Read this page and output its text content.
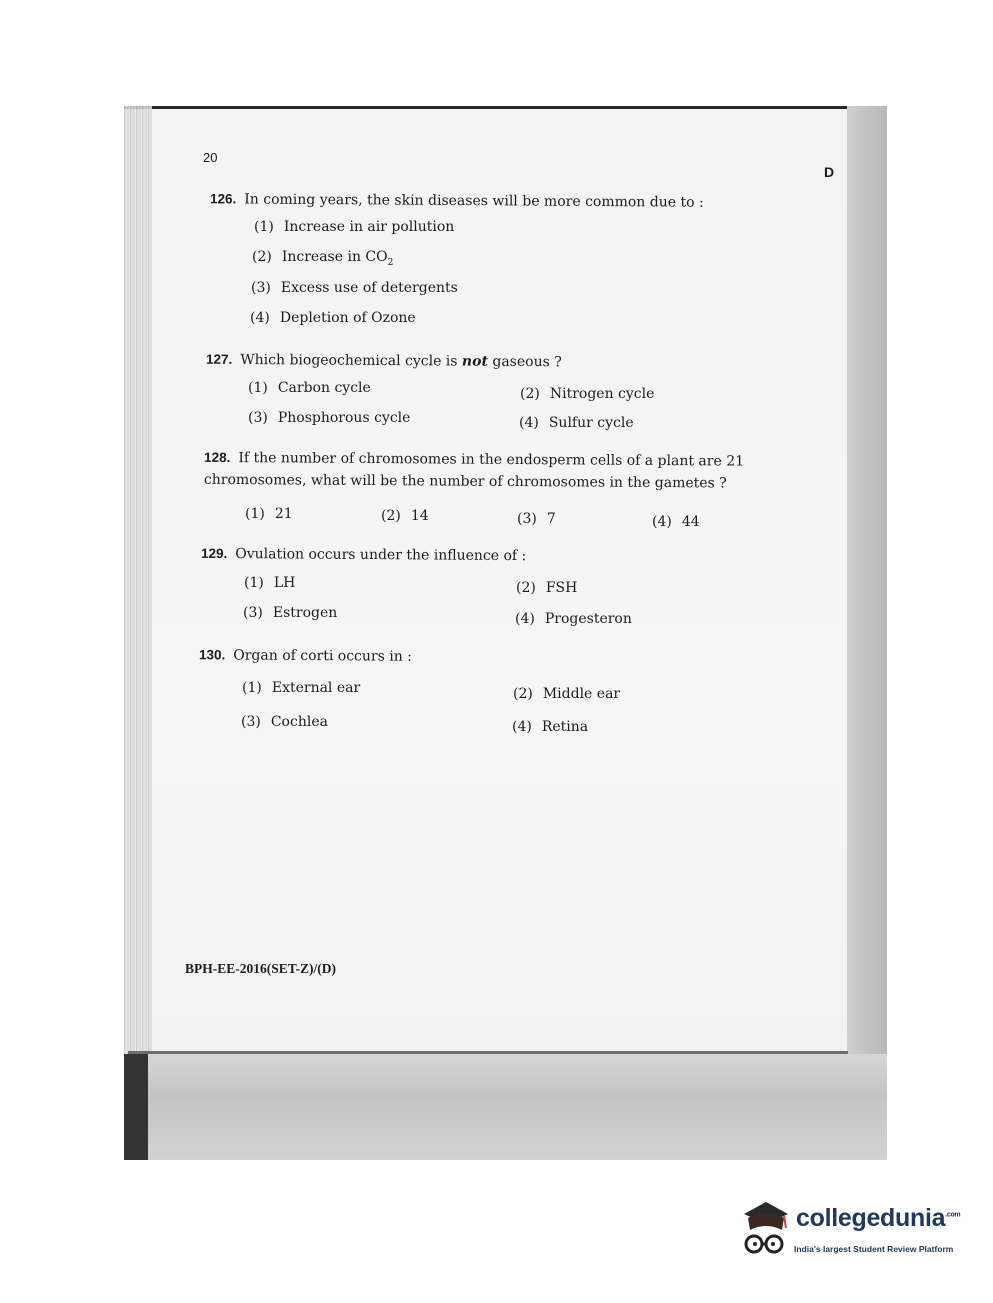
20
D
126. In coming years, the skin diseases will be more common due to :
(1) Increase in air pollution
(2) Increase in $CO_2$
(3) Excess use of detergents
(4) Depletion of Ozone
127. Which biogeochemical cycle is not gaseous ?
(1) Carbon cycle	(2) Nitrogen cycle
(3) Phosphorous cycle	(4) Sulfur cycle
128. If the number of chromosomes in the endosperm cells of a plant are 21 chromosomes, what will be the number of chromosomes in the gametes ?
(1) 21	(2) 14	(3) 7	(4) 44
129. Ovulation occurs under the influence of :
(1) LH	(2) FSH
(3) Estrogen	(4) Progesteron
130. Organ of corti occurs in :
(1) External ear	(2) Middle ear
(3) Cochlea	(4) Retina
BPH-EE-2016(SET-Z)/(D)
collegedunia$^{.com}$
India's largest Student Review Platform
